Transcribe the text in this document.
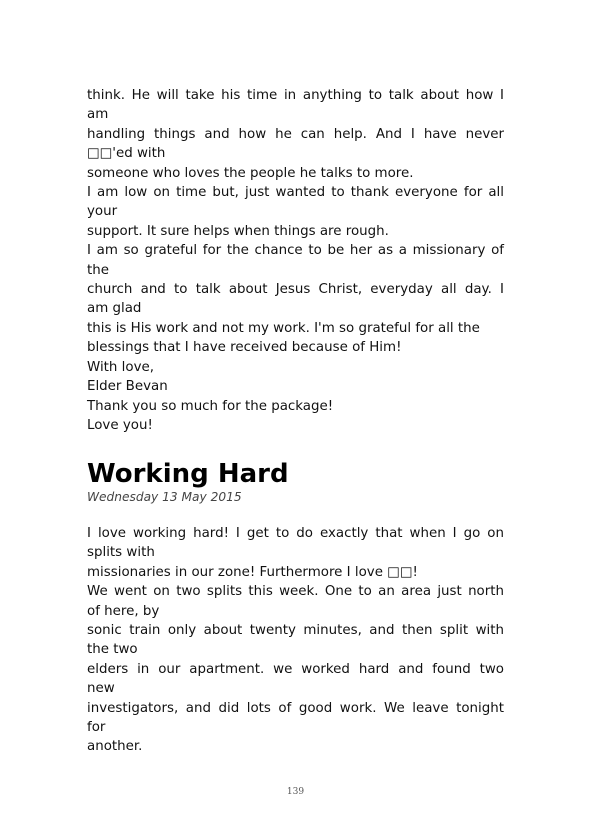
think. He will take his time in anything to talk about how I
am
handling things and how he can help. And I have never
□□'ed with
someone who loves the people he talks to more.
I am low on time but, just wanted to thank everyone for all
your
support. It sure helps when things are rough.
I am so grateful for the chance to be her as a missionary of
the
church and to talk about Jesus Christ, everyday all day. I
am glad
this is His work and not my work. I'm so grateful for all the
blessings that I have received because of Him!
With love,
Elder Bevan
Thank you so much for the package!
Love you!
Working Hard
Wednesday 13 May 2015
I love working hard! I get to do exactly that when I go on
splits with
missionaries in our zone! Furthermore I love □□!
We went on two splits this week. One to an area just north
of here, by
sonic train only about twenty minutes, and then split with
the two
elders in our apartment. we worked hard and found two
new
investigators, and did lots of good work. We leave tonight
for
another.
139
